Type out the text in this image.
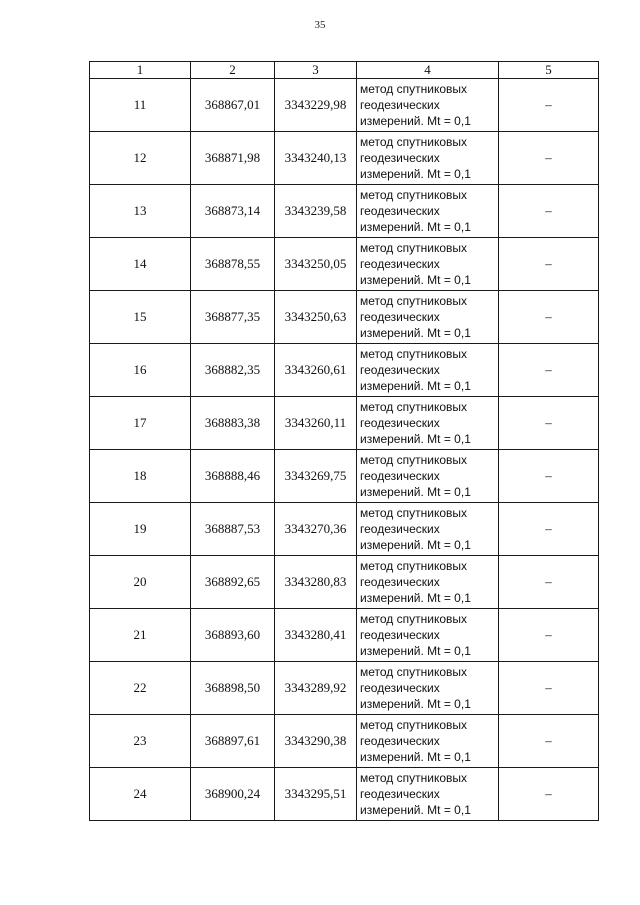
35
1	2	3	4	5
11	368867,01	3343229,98	метод спутниковых
геодезических
измерений. Mt = 0,1	–
12	368871,98	3343240,13	метод спутниковых
геодезических
измерений. Mt = 0,1	–
13	368873,14	3343239,58	метод спутниковых
геодезических
измерений. Mt = 0,1	–
14	368878,55	3343250,05	метод спутниковых
геодезических
измерений. Mt = 0,1	–
15	368877,35	3343250,63	метод спутниковых
геодезических
измерений. Mt = 0,1	–
16	368882,35	3343260,61	метод спутниковых
геодезических
измерений. Mt = 0,1	–
17	368883,38	3343260,11	метод спутниковых
геодезических
измерений. Mt = 0,1	–
18	368888,46	3343269,75	метод спутниковых
геодезических
измерений. Mt = 0,1	–
19	368887,53	3343270,36	метод спутниковых
геодезических
измерений. Mt = 0,1	–
20	368892,65	3343280,83	метод спутниковых
геодезических
измерений. Mt = 0,1	–
21	368893,60	3343280,41	метод спутниковых
геодезических
измерений. Mt = 0,1	–
22	368898,50	3343289,92	метод спутниковых
геодезических
измерений. Mt = 0,1	–
23	368897,61	3343290,38	метод спутниковых
геодезических
измерений. Mt = 0,1	–
24	368900,24	3343295,51	метод спутниковых
геодезических
измерений. Mt = 0,1	–
